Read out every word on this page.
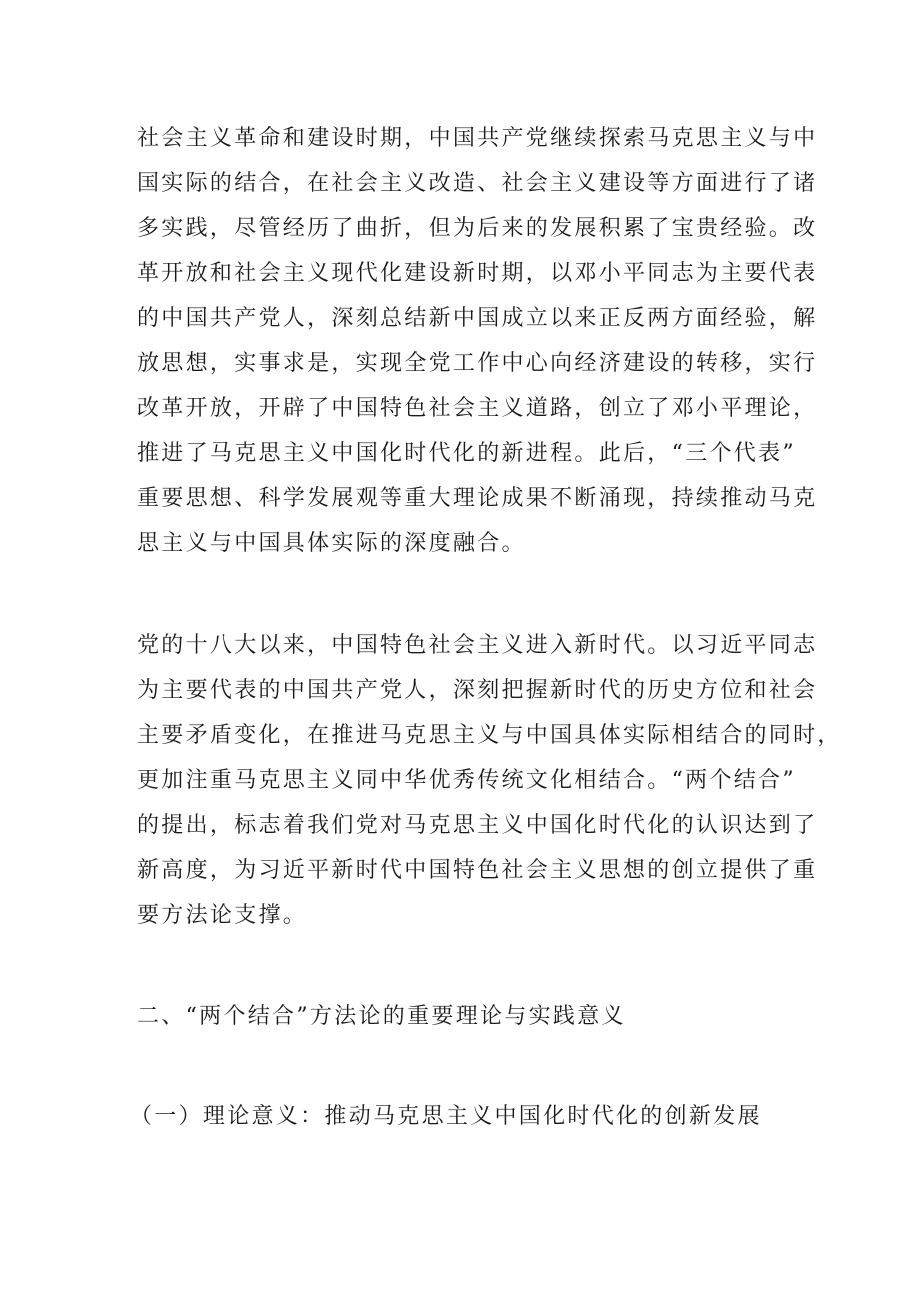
社会主义革命和建设时期，中国共产党继续探索马克思主义与中

国实际的结合，在社会主义改造、社会主义建设等方面进行了诸

多实践，尽管经历了曲折，但为后来的发展积累了宝贵经验。改

革开放和社会主义现代化建设新时期，以邓小平同志为主要代表

的中国共产党人，深刻总结新中国成立以来正反两方面经验，解

放思想，实事求是，实现全党工作中心向经济建设的转移，实行

改革开放，开辟了中国特色社会主义道路，创立了邓小平理论，

推进了马克思主义中国化时代化的新进程。此后，“三个代表”

重要思想、科学发展观等重大理论成果不断涌现，持续推动马克

思主义与中国具体实际的深度融合。

党的十八大以来，中国特色社会主义进入新时代。以习近平同志

为主要代表的中国共产党人，深刻把握新时代的历史方位和社会

主要矛盾变化，在推进马克思主义与中国具体实际相结合的同时，

更加注重马克思主义同中华优秀传统文化相结合。“两个结合”

的提出，标志着我们党对马克思主义中国化时代化的认识达到了

新高度，为习近平新时代中国特色社会主义思想的创立提供了重

要方法论支撑。

二、“两个结合”方法论的重要理论与实践意义

（一）理论意义：推动马克思主义中国化时代化的创新发展
